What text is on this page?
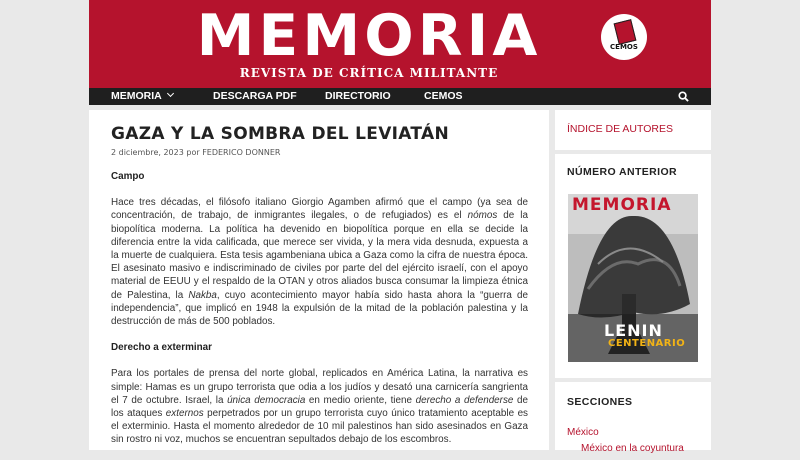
MEMORIA
REVISTA DE CRÍTICA MILITANTE
CEMOS
MEMORIA	DESCARGA PDF	DIRECTORIO	CEMOS
GAZA Y LA SOMBRA DEL LEVIATÁN
2 diciembre, 2023 por FEDERICO DONNER
Campo

Hace tres décadas, el filósofo italiano Giorgio Agamben afirmó que el campo (ya sea de concentración, de trabajo, de inmigrantes ilegales, o de refugiados) es el nómos de la biopolítica moderna. La política ha devenido en biopolítica porque en ella se decide la diferencia entre la vida calificada, que merece ser vivida, y la mera vida desnuda, expuesta a la muerte de cualquiera. Esta tesis agambeniana ubica a Gaza como la cifra de nuestra época. El asesinato masivo e indiscriminado de civiles por parte del del ejército israelí, con el apoyo material de EEUU y el respaldo de la OTAN y otros aliados busca consumar la limpieza étnica de Palestina, la Nakba, cuyo acontecimiento mayor había sido hasta ahora la “guerra de independencia”, que implicó en 1948 la expulsión de la mitad de la población palestina y la destrucción de más de 500 poblados.

Derecho a exterminar

Para los portales de prensa del norte global, replicados en América Latina, la narrativa es simple: Hamas es un grupo terrorista que odia a los judíos y desató una carnicería sangrienta el 7 de octubre. Israel, la única democracia en medio oriente, tiene derecho a defenderse de los ataques externos perpetrados por un grupo terrorista cuyo único tratamiento aceptable es el exterminio. Hasta el momento alrededor de 10 mil palestinos han sido asesinados en Gaza sin rostro ni voz, muchos se encuentran sepultados debajo de los escombros.

ÍNDICE DE AUTORES
NÚMERO ANTERIOR
MEMORIA
LENIN
CENTENARIO
SECCIONES
México
México en la coyuntura
